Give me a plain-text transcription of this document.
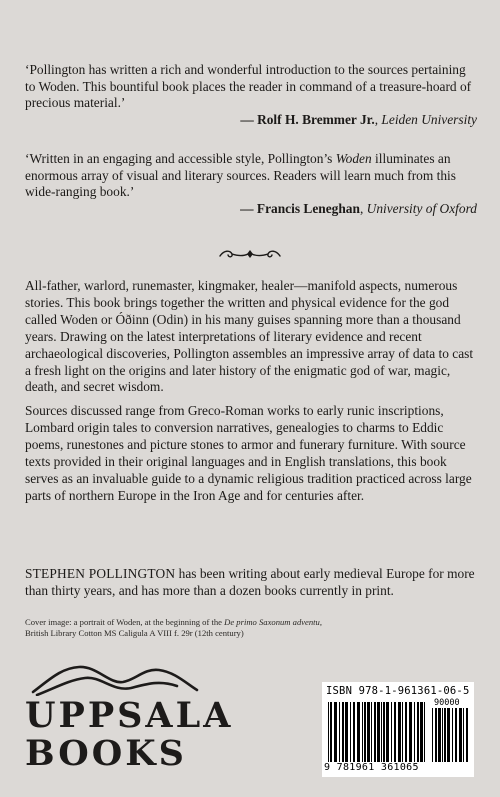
‘Pollington has written a rich and wonderful introduction to the sources pertaining to Woden. This bountiful book places the reader in command of a treasure-hoard of precious material.’
— Rolf H. Bremmer Jr., Leiden University
‘Written in an engaging and accessible style, Pollington’s Woden illuminates an enormous array of visual and literary sources. Readers will learn much from this wide-ranging book.’
— Francis Leneghan, University of Oxford
All-father, warlord, runemaster, kingmaker, healer—manifold aspects, numerous stories. This book brings together the written and physical evidence for the god called Woden or Óðinn (Odin) in his many guises spanning more than a thousand years. Drawing on the latest interpretations of literary evidence and recent archaeological discoveries, Pollington assembles an impressive array of data to cast a fresh light on the origins and later history of the enigmatic god of war, magic, death, and secret wisdom.
Sources discussed range from Greco-Roman works to early runic inscriptions, Lombard origin tales to conversion narratives, genealogies to charms to Eddic poems, runestones and picture stones to armor and funerary furniture. With source texts provided in their original languages and in English translations, this book serves as an invaluable guide to a dynamic religious tradition practiced across large parts of northern Europe in the Iron Age and for centuries after.
STEPHEN POLLINGTON has been writing about early medieval Europe for more than thirty years, and has more than a dozen books currently in print.
Cover image: a portrait of Woden, at the beginning of the De primo Saxonum adventu,
British Library Cotton MS Caligula A VIII f. 29r (12th century)
UPPSALA
BOOKS
ISBN 978-1-961361-06-5
90000
9 781961 361065
